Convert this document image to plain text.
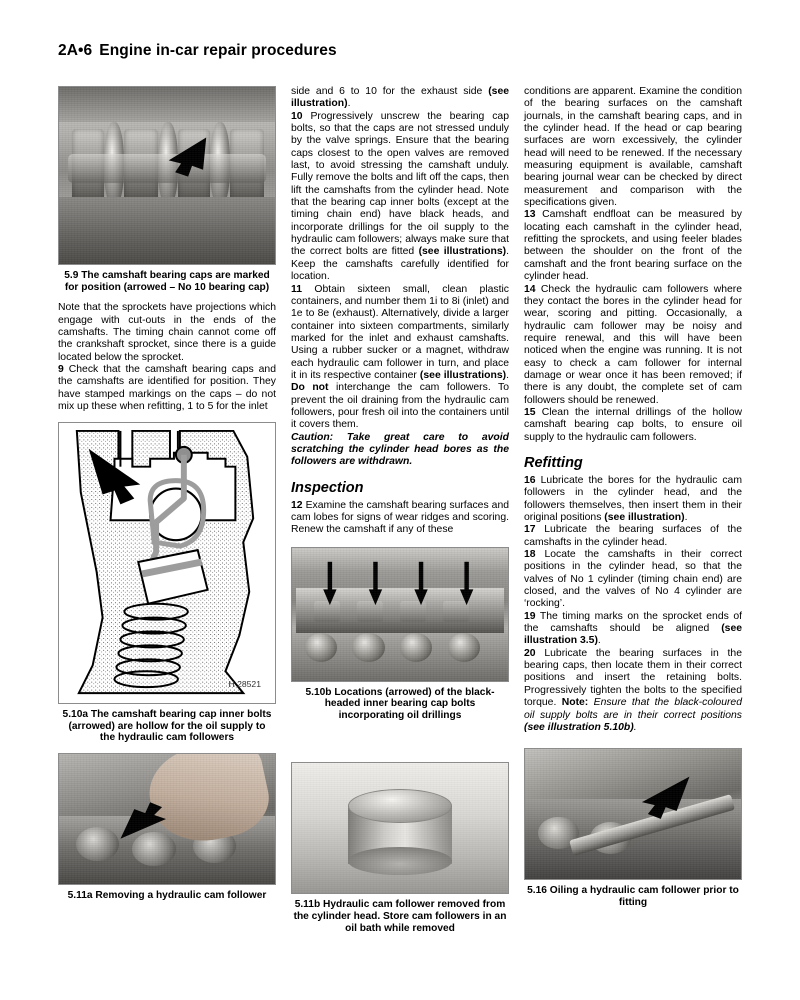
2A•6 Engine in-car repair procedures
5.9 The camshaft bearing caps are marked for position (arrowed – No 10 bearing cap)

Note that the sprockets have projections which engage with cut-outs in the ends of the camshafts. The timing chain cannot come off the crankshaft sprocket, since there is a guide located below the sprocket.

9 Check that the camshaft bearing caps and the camshafts are identified for position. They have stamped markings on the caps – do not mix up these when refitting, 1 to 5 for the inlet

H 28521
5.10a The camshaft bearing cap inner bolts (arrowed) are hollow for the oil supply to the hydraulic cam followers
5.11a Removing a hydraulic cam follower

side and 6 to 10 for the exhaust side (see illustration).

10 Progressively unscrew the bearing cap bolts, so that the caps are not stressed unduly by the valve springs. Ensure that the bearing caps closest to the open valves are removed last, to avoid stressing the camshaft unduly. Fully remove the bolts and lift off the caps, then lift the camshafts from the cylinder head. Note that the bearing cap inner bolts (except at the timing chain end) have black heads, and incorporate drillings for the oil supply to the hydraulic cam followers; always make sure that the correct bolts are fitted (see illustrations). Keep the camshafts carefully identified for location.

11 Obtain sixteen small, clean plastic containers, and number them 1i to 8i (inlet) and 1e to 8e (exhaust). Alternatively, divide a larger container into sixteen compartments, similarly marked for the inlet and exhaust camshafts. Using a rubber sucker or a magnet, withdraw each hydraulic cam follower in turn, and place it in its respective container (see illustrations). Do not interchange the cam followers. To prevent the oil draining from the hydraulic cam followers, pour fresh oil into the containers until it covers them.

Caution: Take great care to avoid scratching the cylinder head bores as the followers are withdrawn.

Inspection

12 Examine the camshaft bearing surfaces and cam lobes for signs of wear ridges and scoring. Renew the camshaft if any of these

5.10b Locations (arrowed) of the black-headed inner bearing cap bolts incorporating oil drillings
5.11b Hydraulic cam follower removed from the cylinder head. Store cam followers in an oil bath while removed

conditions are apparent. Examine the condition of the bearing surfaces on the camshaft journals, in the camshaft bearing caps, and in the cylinder head. If the head or cap bearing surfaces are worn excessively, the cylinder head will need to be renewed. If the necessary measuring equipment is available, camshaft bearing journal wear can be checked by direct measurement and comparison with the specifications given.

13 Camshaft endfloat can be measured by locating each camshaft in the cylinder head, refitting the sprockets, and using feeler blades between the shoulder on the front of the camshaft and the front bearing surface on the cylinder head.

14 Check the hydraulic cam followers where they contact the bores in the cylinder head for wear, scoring and pitting. Occasionally, a hydraulic cam follower may be noisy and require renewal, and this will have been noticed when the engine was running. It is not easy to check a cam follower for internal damage or wear once it has been removed; if there is any doubt, the complete set of cam followers should be renewed.

15 Clean the internal drillings of the hollow camshaft bearing cap bolts, to ensure oil supply to the hydraulic cam followers.

Refitting

16 Lubricate the bores for the hydraulic cam followers in the cylinder head, and the followers themselves, then insert them in their original positions (see illustration).

17 Lubricate the bearing surfaces of the camshafts in the cylinder head.

18 Locate the camshafts in their correct positions in the cylinder head, so that the valves of No 1 cylinder (timing chain end) are closed, and the valves of No 4 cylinder are ‘rocking’.

19 The timing marks on the sprocket ends of the camshafts should be aligned (see illustration 3.5).

20 Lubricate the bearing surfaces in the bearing caps, then locate them in their correct positions and insert the retaining bolts. Progressively tighten the bolts to the specified torque. Note: Ensure that the black-coloured oil supply bolts are in their correct positions (see illustration 5.10b).

5.16 Oiling a hydraulic cam follower prior to fitting
